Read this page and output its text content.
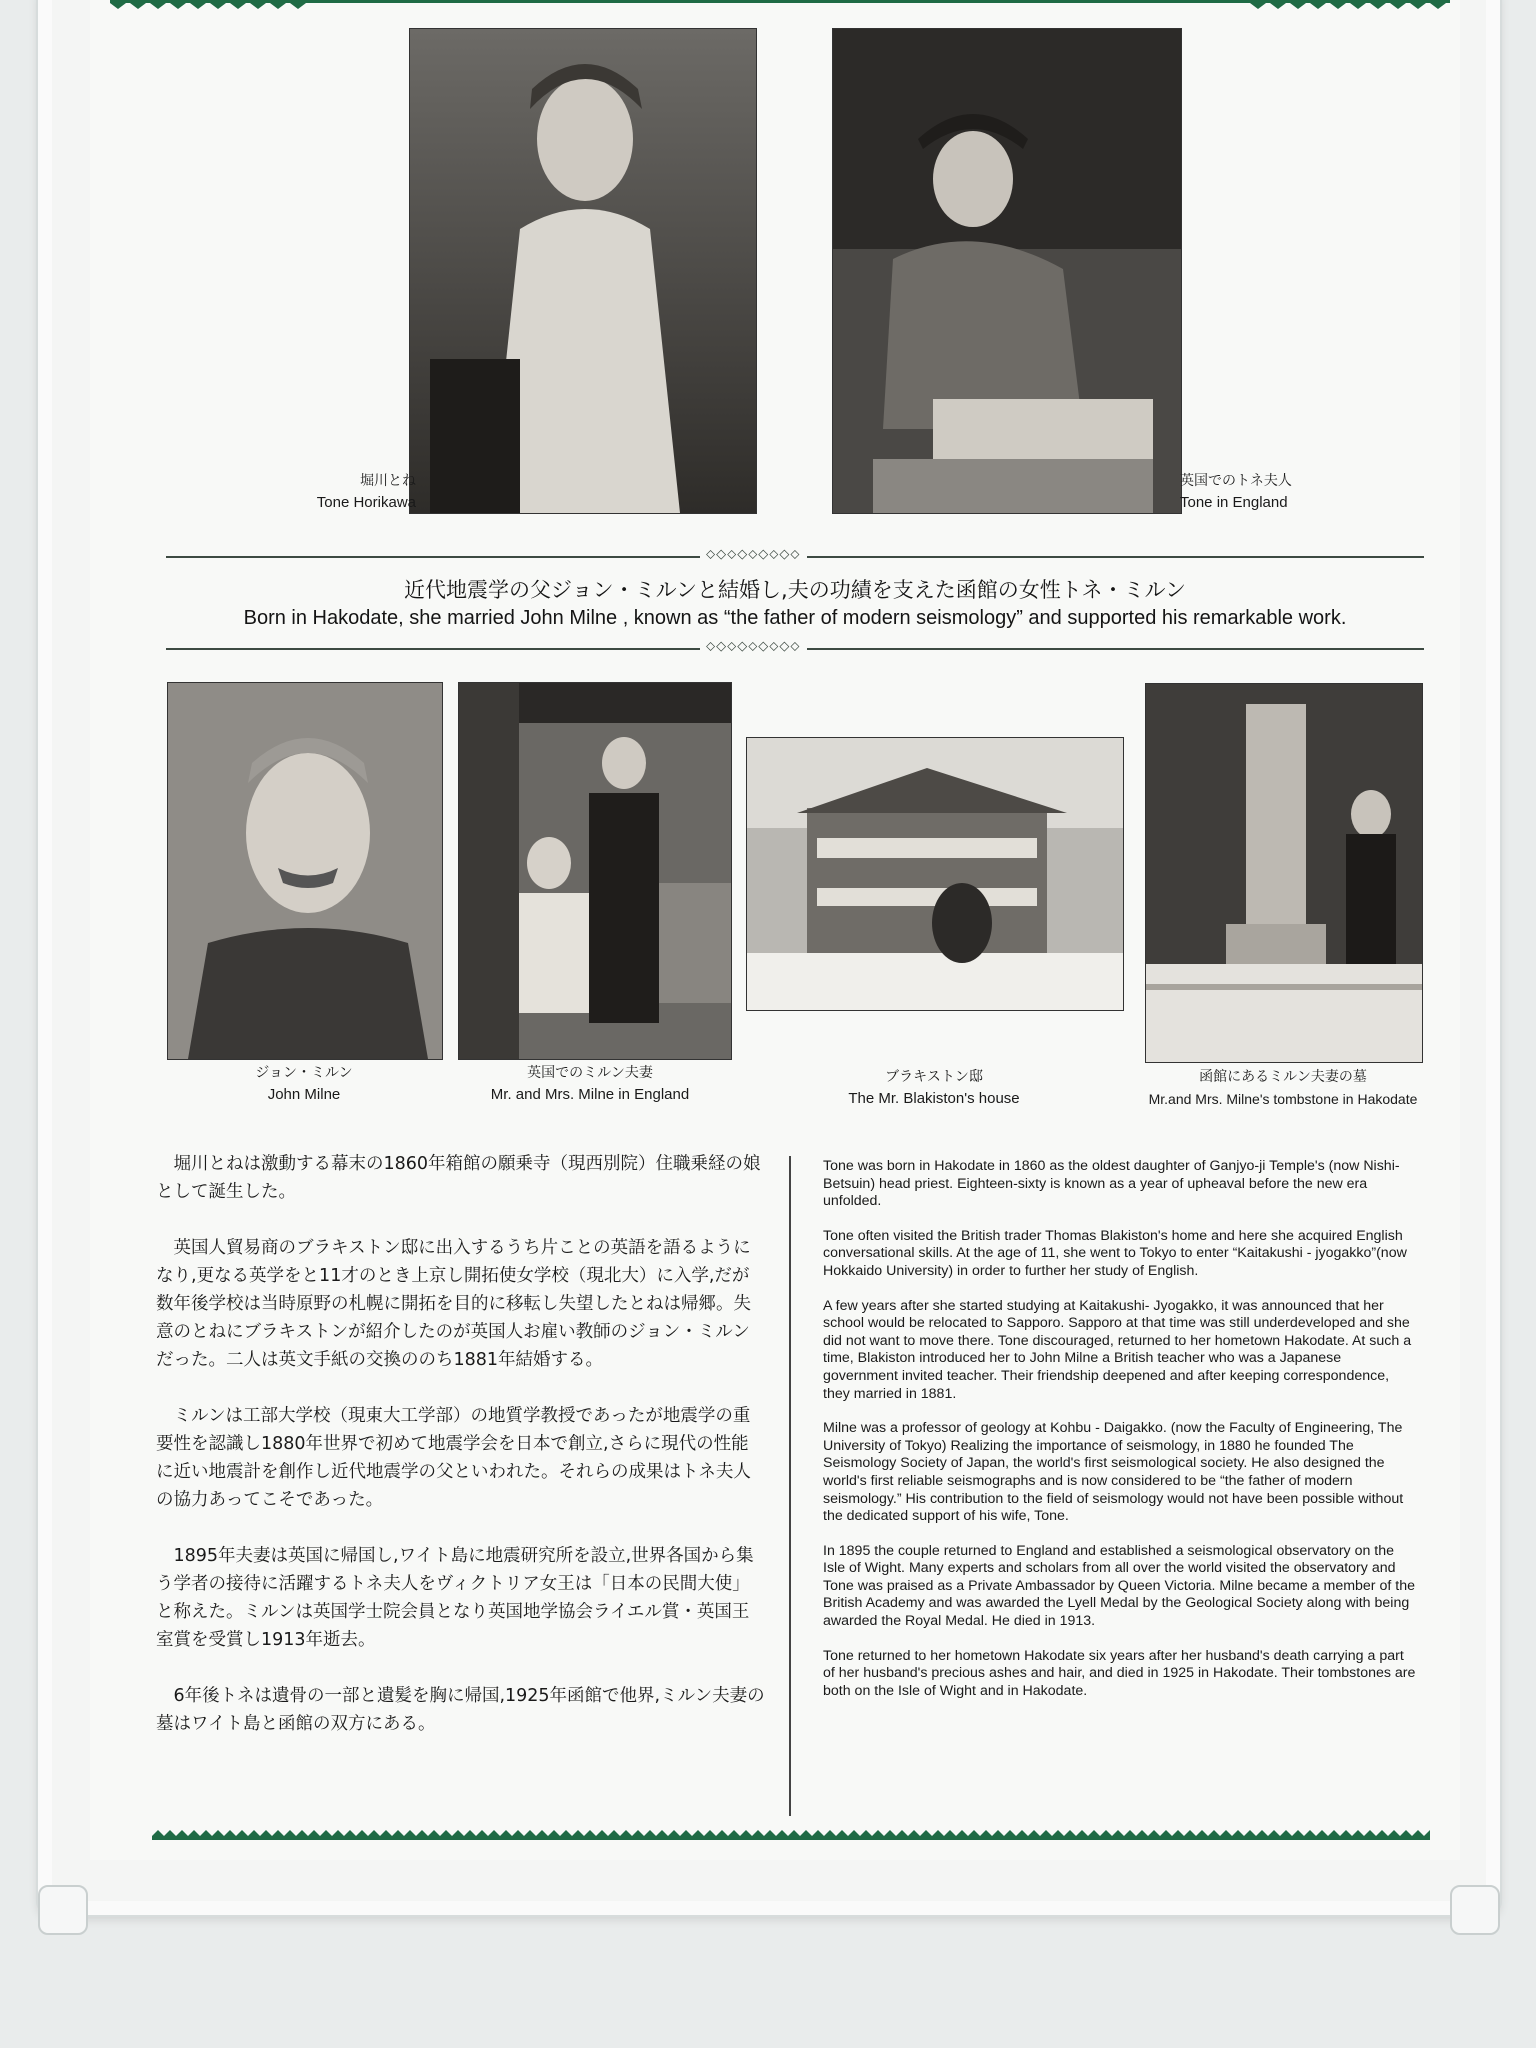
堀川とね
Tone Horikawa
英国でのトネ夫人
Tone in England
⬦◇⬦◇⬦◇⬦◇⬦
近代地震学の父ジョン・ミルンと結婚し,夫の功績を支えた函館の女性トネ・ミルン
Born in Hakodate, she married John Milne , known as “the father of modern seismology” and supported his remarkable work.
⬦◇⬦◇⬦◇⬦◇⬦
ジョン・ミルン
John Milne
英国でのミルン夫妻
Mr. and Mrs. Milne in England
ブラキストン邸
The Mr. Blakiston's house
函館にあるミルン夫妻の墓
Mr.and Mrs. Milne's tombstone in Hakodate

堀川とねは激動する幕末の1860年箱館の願乗寺（現西別院）住職乗経の娘として誕生した。

英国人貿易商のブラキストン邸に出入するうち片ことの英語を語るようになり,更なる英学をと11才のとき上京し開拓使女学校（現北大）に入学,だが数年後学校は当時原野の札幌に開拓を目的に移転し失望したとねは帰郷。失意のとねにブラキストンが紹介したのが英国人お雇い教師のジョン・ミルンだった。二人は英文手紙の交換ののち1881年結婚する。

ミルンは工部大学校（現東大工学部）の地質学教授であったが地震学の重要性を認識し1880年世界で初めて地震学会を日本で創立,さらに現代の性能に近い地震計を創作し近代地震学の父といわれた。それらの成果はトネ夫人の協力あってこそであった。

1895年夫妻は英国に帰国し,ワイト島に地震研究所を設立,世界各国から集う学者の接待に活躍するトネ夫人をヴィクトリア女王は「日本の民間大使」と称えた。ミルンは英国学士院会員となり英国地学協会ライエル賞・英国王室賞を受賞し1913年逝去。

6年後トネは遺骨の一部と遺髪を胸に帰国,1925年函館で他界,ミルン夫妻の墓はワイト島と函館の双方にある。

Tone was born in Hakodate in 1860 as the oldest daughter of Ganjyo-ji Temple's (now Nishi-Betsuin) head priest. Eighteen-sixty is known as a year of upheaval before the new era unfolded.

Tone often visited the British trader Thomas Blakiston's home and here she acquired English conversational skills. At the age of 11, she went to Tokyo to enter “Kaitakushi - jyogakko”(now Hokkaido University) in order to further her study of English.

A few years after she started studying at Kaitakushi- Jyogakko, it was announced that her school would be relocated to Sapporo. Sapporo at that time was still underdeveloped and she did not want to move there. Tone discouraged, returned to her hometown Hakodate. At such a time, Blakiston introduced her to John Milne a British teacher who was a Japanese government invited teacher. Their friendship deepened and after keeping correspondence, they married in 1881.

Milne was a professor of geology at Kohbu - Daigakko. (now the Faculty of Engineering, The University of Tokyo) Realizing the importance of seismology, in 1880 he founded The Seismology Society of Japan, the world's first seismological society. He also designed the world's first reliable seismographs and is now considered to be “the father of modern seismology.” His contribution to the field of seismology would not have been possible without the dedicated support of his wife, Tone.

In 1895 the couple returned to England and established a seismological observatory on the Isle of Wight. Many experts and scholars from all over the world visited the observatory and Tone was praised as a Private Ambassador by Queen Victoria. Milne became a member of the British Academy and was awarded the Lyell Medal by the Geological Society along with being awarded the Royal Medal. He died in 1913.

Tone returned to her hometown Hakodate six years after her husband's death carrying a part of her husband's precious ashes and hair, and died in 1925 in Hakodate. Their tombstones are both on the Isle of Wight and in Hakodate.
